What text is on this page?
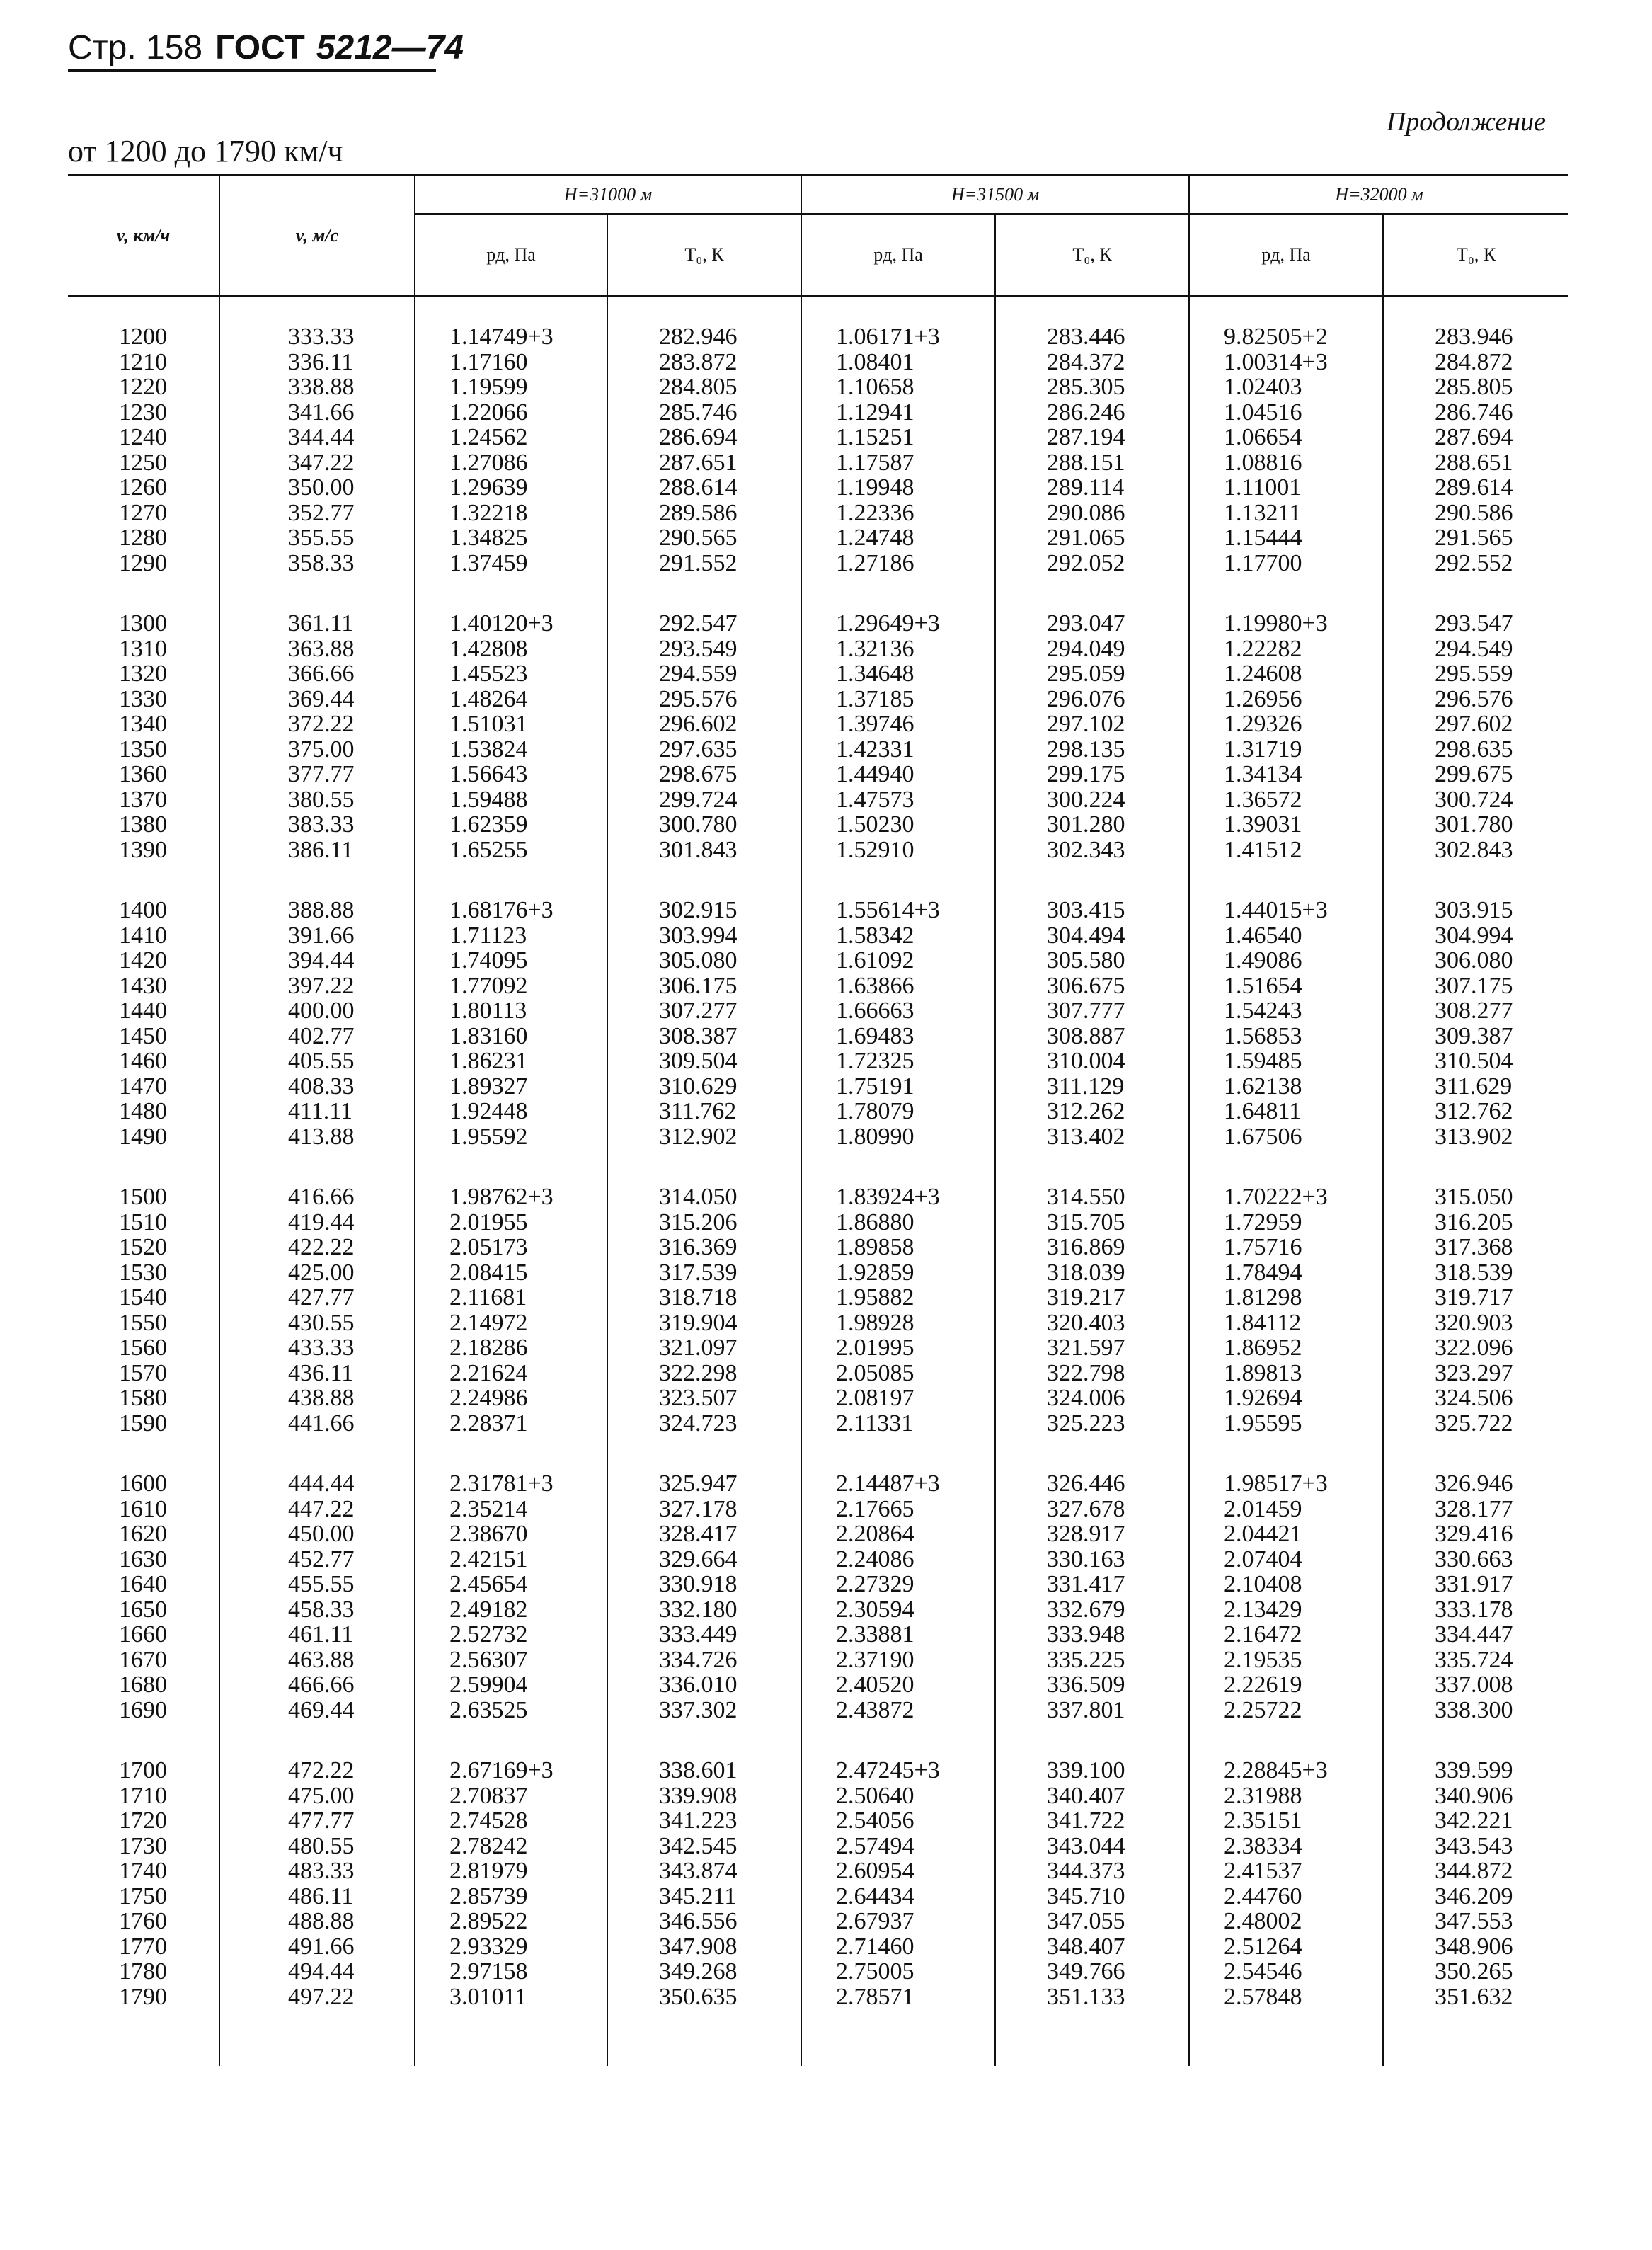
Стр. 158 ГОСТ 5212—74
Продолжение
от 1200 до 1790 км/ч
v, км/ч	v, м/с	H=31000 м		H=31500 м		H=32000 м	
		pд, Па	T₀, К	pд, Па	T₀, К	pд, Па	T₀, К

1200	333.33	1.14749+3	282.946	1.06171+3	283.446	9.82505+2	283.946
1210	336.11	1.17160	283.872	1.08401	284.372	1.00314+3	284.872
1220	338.88	1.19599	284.805	1.10658	285.305	1.02403	285.805
1230	341.66	1.22066	285.746	1.12941	286.246	1.04516	286.746
1240	344.44	1.24562	286.694	1.15251	287.194	1.06654	287.694
1250	347.22	1.27086	287.651	1.17587	288.151	1.08816	288.651
1260	350.00	1.29639	288.614	1.19948	289.114	1.11001	289.614
1270	352.77	1.32218	289.586	1.22336	290.086	1.13211	290.586
1280	355.55	1.34825	290.565	1.24748	291.065	1.15444	291.565
1290	358.33	1.37459	291.552	1.27186	292.052	1.17700	292.552

1300	361.11	1.40120+3	292.547	1.29649+3	293.047	1.19980+3	293.547
1310	363.88	1.42808	293.549	1.32136	294.049	1.22282	294.549
1320	366.66	1.45523	294.559	1.34648	295.059	1.24608	295.559
1330	369.44	1.48264	295.576	1.37185	296.076	1.26956	296.576
1340	372.22	1.51031	296.602	1.39746	297.102	1.29326	297.602
1350	375.00	1.53824	297.635	1.42331	298.135	1.31719	298.635
1360	377.77	1.56643	298.675	1.44940	299.175	1.34134	299.675
1370	380.55	1.59488	299.724	1.47573	300.224	1.36572	300.724
1380	383.33	1.62359	300.780	1.50230	301.280	1.39031	301.780
1390	386.11	1.65255	301.843	1.52910	302.343	1.41512	302.843

1400	388.88	1.68176+3	302.915	1.55614+3	303.415	1.44015+3	303.915
1410	391.66	1.71123	303.994	1.58342	304.494	1.46540	304.994
1420	394.44	1.74095	305.080	1.61092	305.580	1.49086	306.080
1430	397.22	1.77092	306.175	1.63866	306.675	1.51654	307.175
1440	400.00	1.80113	307.277	1.66663	307.777	1.54243	308.277
1450	402.77	1.83160	308.387	1.69483	308.887	1.56853	309.387
1460	405.55	1.86231	309.504	1.72325	310.004	1.59485	310.504
1470	408.33	1.89327	310.629	1.75191	311.129	1.62138	311.629
1480	411.11	1.92448	311.762	1.78079	312.262	1.64811	312.762
1490	413.88	1.95592	312.902	1.80990	313.402	1.67506	313.902

1500	416.66	1.98762+3	314.050	1.83924+3	314.550	1.70222+3	315.050
1510	419.44	2.01955	315.206	1.86880	315.705	1.72959	316.205
1520	422.22	2.05173	316.369	1.89858	316.869	1.75716	317.368
1530	425.00	2.08415	317.539	1.92859	318.039	1.78494	318.539
1540	427.77	2.11681	318.718	1.95882	319.217	1.81298	319.717
1550	430.55	2.14972	319.904	1.98928	320.403	1.84112	320.903
1560	433.33	2.18286	321.097	2.01995	321.597	1.86952	322.096
1570	436.11	2.21624	322.298	2.05085	322.798	1.89813	323.297
1580	438.88	2.24986	323.507	2.08197	324.006	1.92694	324.506
1590	441.66	2.28371	324.723	2.11331	325.223	1.95595	325.722

1600	444.44	2.31781+3	325.947	2.14487+3	326.446	1.98517+3	326.946
1610	447.22	2.35214	327.178	2.17665	327.678	2.01459	328.177
1620	450.00	2.38670	328.417	2.20864	328.917	2.04421	329.416
1630	452.77	2.42151	329.664	2.24086	330.163	2.07404	330.663
1640	455.55	2.45654	330.918	2.27329	331.417	2.10408	331.917
1650	458.33	2.49182	332.180	2.30594	332.679	2.13429	333.178
1660	461.11	2.52732	333.449	2.33881	333.948	2.16472	334.447
1670	463.88	2.56307	334.726	2.37190	335.225	2.19535	335.724
1680	466.66	2.59904	336.010	2.40520	336.509	2.22619	337.008
1690	469.44	2.63525	337.302	2.43872	337.801	2.25722	338.300

1700	472.22	2.67169+3	338.601	2.47245+3	339.100	2.28845+3	339.599
1710	475.00	2.70837	339.908	2.50640	340.407	2.31988	340.906
1720	477.77	2.74528	341.223	2.54056	341.722	2.35151	342.221
1730	480.55	2.78242	342.545	2.57494	343.044	2.38334	343.543
1740	483.33	2.81979	343.874	2.60954	344.373	2.41537	344.872
1750	486.11	2.85739	345.211	2.64434	345.710	2.44760	346.209
1760	488.88	2.89522	346.556	2.67937	347.055	2.48002	347.553
1770	491.66	2.93329	347.908	2.71460	348.407	2.51264	348.906
1780	494.44	2.97158	349.268	2.75005	349.766	2.54546	350.265
1790	497.22	3.01011	350.635	2.78571	351.133	2.57848	351.632
